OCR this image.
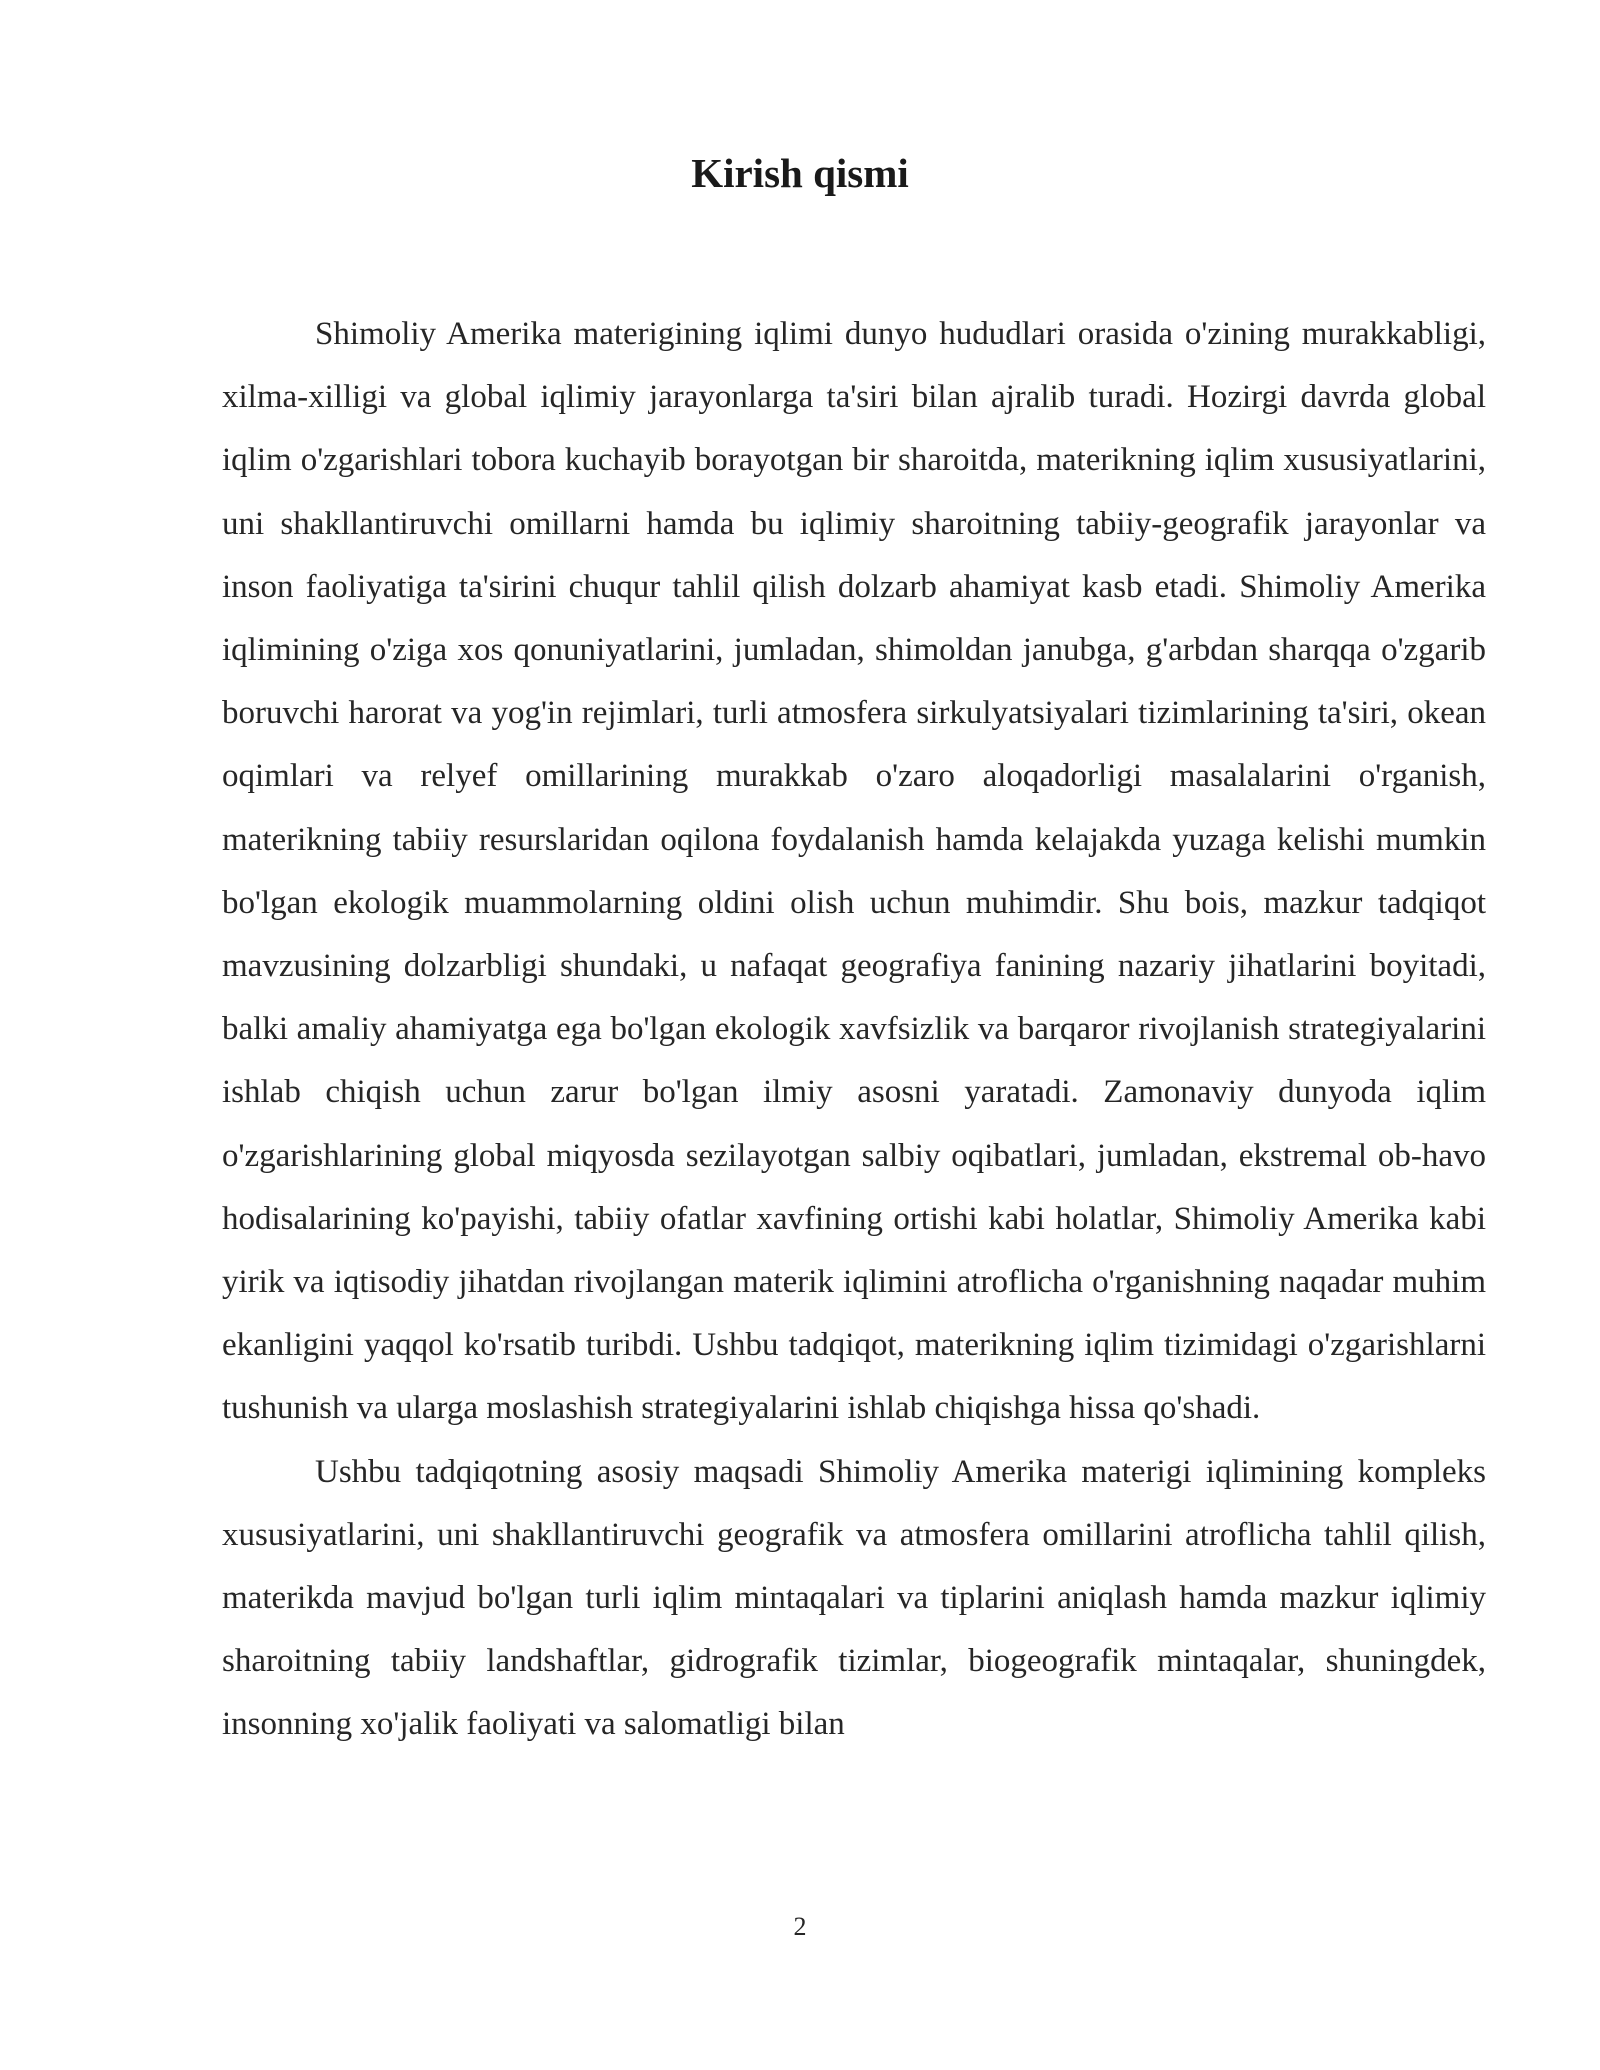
Kirish qismi

Shimoliy Amerika materigining iqlimi dunyo hududlari orasida o'zining murakkabligi, xilma-xilligi va global iqlimiy jarayonlarga ta'siri bilan ajralib turadi. Hozirgi davrda global iqlim o'zgarishlari tobora kuchayib borayotgan bir sharoitda, materikning iqlim xususiyatlarini, uni shakllantiruvchi omillarni hamda bu iqlimiy sharoitning tabiiy-geografik jarayonlar va inson faoliyatiga ta'sirini chuqur tahlil qilish dolzarb ahamiyat kasb etadi. Shimoliy Amerika iqlimining o'ziga xos qonuniyatlarini, jumladan, shimoldan janubga, g'arbdan sharqqa o'zgarib boruvchi harorat va yog'in rejimlari, turli atmosfera sirkulyatsiyalari tizimlarining ta'siri, okean oqimlari va relyef omillarining murakkab o'zaro aloqadorligi masalalarini o'rganish, materikning tabiiy resurslaridan oqilona foydalanish hamda kelajakda yuzaga kelishi mumkin bo'lgan ekologik muammolarning oldini olish uchun muhimdir. Shu bois, mazkur tadqiqot mavzusining dolzarbligi shundaki, u nafaqat geografiya fanining nazariy jihatlarini boyitadi, balki amaliy ahamiyatga ega bo'lgan ekologik xavfsizlik va barqaror rivojlanish strategiyalarini ishlab chiqish uchun zarur bo'lgan ilmiy asosni yaratadi. Zamonaviy dunyoda iqlim o'zgarishlarining global miqyosda sezilayotgan salbiy oqibatlari, jumladan, ekstremal ob-havo hodisalarining ko'payishi, tabiiy ofatlar xavfining ortishi kabi holatlar, Shimoliy Amerika kabi yirik va iqtisodiy jihatdan rivojlangan materik iqlimini atroflicha o'rganishning naqadar muhim ekanligini yaqqol ko'rsatib turibdi. Ushbu tadqiqot, materikning iqlim tizimidagi o'zgarishlarni tushunish va ularga moslashish strategiyalarini ishlab chiqishga hissa qo'shadi.

Ushbu tadqiqotning asosiy maqsadi Shimoliy Amerika materigi iqlimining kompleks xususiyatlarini, uni shakllantiruvchi geografik va atmosfera omillarini atroflicha tahlil qilish, materikda mavjud bo'lgan turli iqlim mintaqalari va tiplarini aniqlash hamda mazkur iqlimiy sharoitning tabiiy landshaftlar, gidrografik tizimlar, biogeografik mintaqalar, shuningdek, insonning xo'jalik faoliyati va salomatligi bilan

2
